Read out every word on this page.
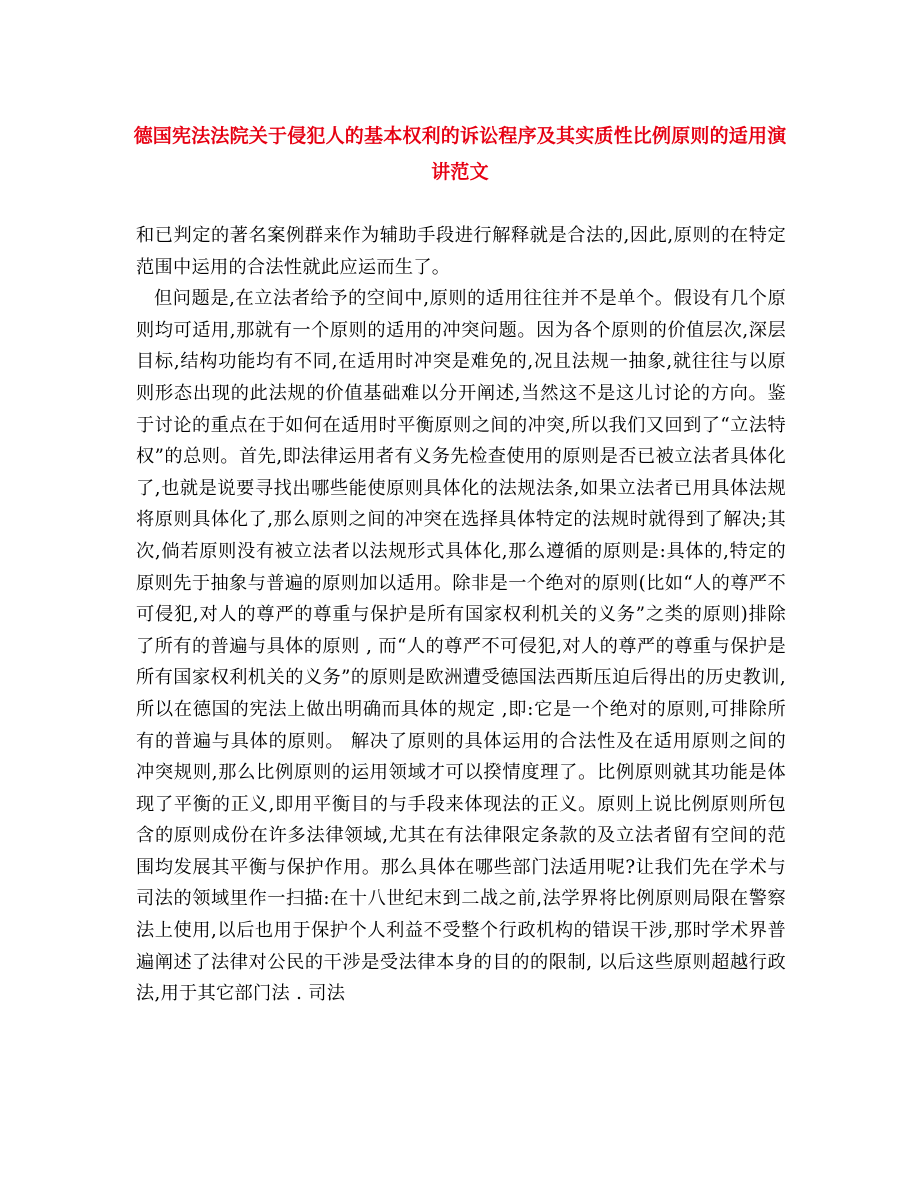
德国宪法法院关于侵犯人的基本权利的诉讼程序及其实质性比例原则的适用演讲范文

和已判定的著名案例群来作为辅助手段进行解释就是合法的,因此,原则的在特定范围中运用的合法性就此应运而生了。

但问题是,在立法者给予的空间中,原则的适用往往并不是单个。假设有几个原则均可适用,那就有一个原则的适用的冲突问题。因为各个原则的价值层次,深层目标,结构功能均有不同,在适用时冲突是难免的,况且法规一抽象,就往往与以原则形态出现的此法规的价值基础难以分开阐述,当然这不是这儿讨论的方向。鉴于讨论的重点在于如何在适用时平衡原则之间的冲突,所以我们又回到了“立法特权”的总则。首先,即法律运用者有义务先检查使用的原则是否已被立法者具体化了,也就是说要寻找出哪些能使原则具体化的法规法条,如果立法者已用具体法规将原则具体化了,那么原则之间的冲突在选择具体特定的法规时就得到了解决;其次,倘若原则没有被立法者以法规形式具体化,那么遵循的原则是:具体的,特定的原则先于抽象与普遍的原则加以适用。除非是一个绝对的原则(比如“人的尊严不可侵犯,对人的尊严的尊重与保护是所有国家权利机关的义务”之类的原则)排除了所有的普遍与具体的原则 , 而“人的尊严不可侵犯,对人的尊严的尊重与保护是所有国家权利机关的义务”的原则是欧洲遭受德国法西斯压迫后得出的历史教训,所以在德国的宪法上做出明确而具体的规定 ,即:它是一个绝对的原则,可排除所有的普遍与具体的原则。 解决了原则的具体运用的合法性及在适用原则之间的冲突规则,那么比例原则的运用领域才可以揆情度理了。比例原则就其功能是体现了平衡的正义,即用平衡目的与手段来体现法的正义。原则上说比例原则所包含的原则成份在许多法律领域,尤其在有法律限定条款的及立法者留有空间的范围均发展其平衡与保护作用。那么具体在哪些部门法适用呢?让我们先在学术与司法的领域里作一扫描:在十八世纪末到二战之前,法学界将比例原则局限在警察法上使用,以后也用于保护个人利益不受整个行政机构的错误干涉,那时学术界普遍阐述了法律对公民的干涉是受法律本身的目的的限制, 以后这些原则超越行政法,用于其它部门法 . 司法
